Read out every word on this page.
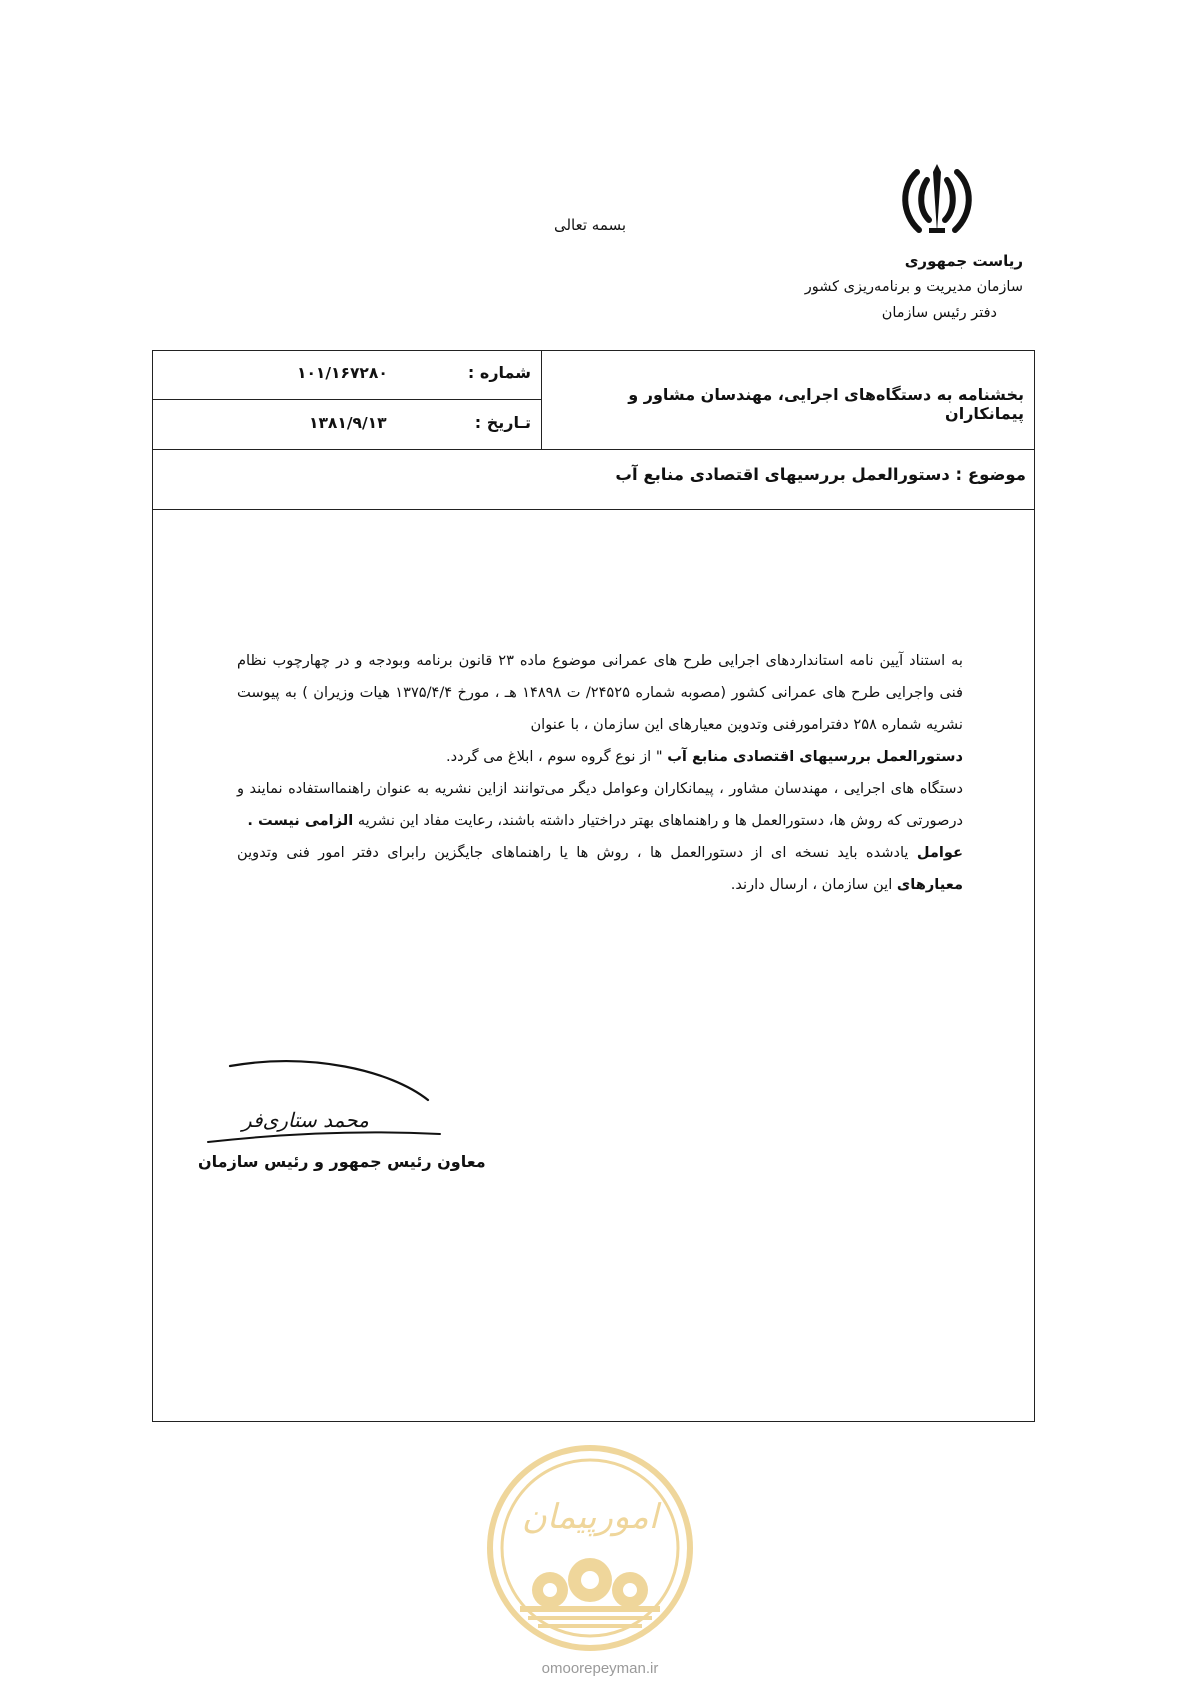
بسمه تعالی
ریاست جمهوری
سازمان مدیریت و برنامه‌ریزی کشور
دفتر رئیس سازمان
بخشنامه به دستگاه‌های اجرایی، مهندسان مشاور و پیمانکاران
شماره :
۱۰۱/۱۶۷۲۸۰
تـاریخ :
۱۳۸۱/۹/۱۳
موضوع : دستورالعمل بررسیهای اقتصادی منابع آب

به استناد آیین نامه استانداردهای اجرایی طرح های عمرانی موضوع ماده ۲۳ قانون برنامه وبودجه و در چهارچوب نظام فنی واجرایی طرح های عمرانی کشور (مصوبه شماره ۲۴۵۲۵/ ت ۱۴۸۹۸ هـ ، مورخ ۱۳۷۵/۴/۴ هیات وزیران ) به پیوست نشریه شماره ۲۵۸ دفترامورفنی وتدوین معیارهای این سازمان ، با عنوان
دستورالعمل بررسیهای اقتصادی منابع آب " از نوع گروه سوم ، ابلاغ می گردد.

دستگاه های اجرایی ، مهندسان مشاور ، پیمانکاران وعوامل دیگر می‌توانند ازاین نشریه به عنوان راهنمااستفاده نمایند و درصورتی که روش ها، دستورالعمل ها و راهنماهای بهتر دراختیار داشته باشند، رعایت مفاد این نشریه الزامی نیست .

عوامل یادشده باید نسخه ای از دستورالعمل ها ، روش ها یا راهنماهای جایگزین رابرای دفتر امور فنی وتدوین معیارهای این سازمان ، ارسال دارند.

محمد ستاری‌فر
معاون رئیس جمهور و رئیس سازمان
امورپیمان
omoorepeyman.ir
